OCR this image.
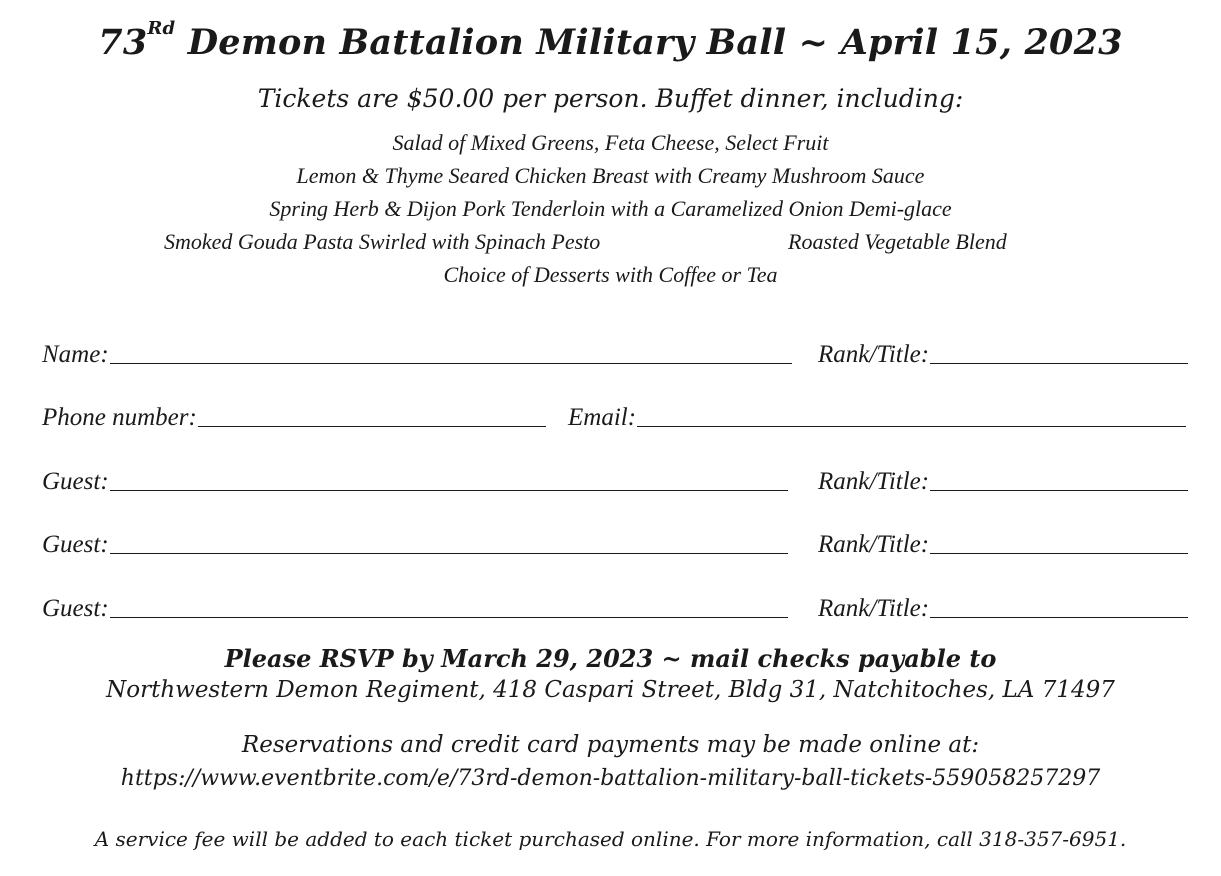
73Rd Demon Battalion Military Ball ~ April 15, 2023
Tickets are $50.00 per person. Buffet dinner, including:
Salad of Mixed Greens, Feta Cheese, Select Fruit
Lemon & Thyme Seared Chicken Breast with Creamy Mushroom Sauce
Spring Herb & Dijon Pork Tenderloin with a Caramelized Onion Demi-glace
Smoked Gouda Pasta Swirled with Spinach Pesto	Roasted Vegetable Blend
Choice of Desserts with Coffee or Tea
Name:	Rank/Title:
Phone number:	Email:
Guest:	Rank/Title:
Guest:	Rank/Title:
Guest:	Rank/Title:
Please RSVP by March 29, 2023 ~ mail checks payable to
Northwestern Demon Regiment, 418 Caspari Street, Bldg 31, Natchitoches, LA 71497
Reservations and credit card payments may be made online at:
https://www.eventbrite.com/e/73rd-demon-battalion-military-ball-tickets-559058257297
A service fee will be added to each ticket purchased online. For more information, call 318-357-6951.
